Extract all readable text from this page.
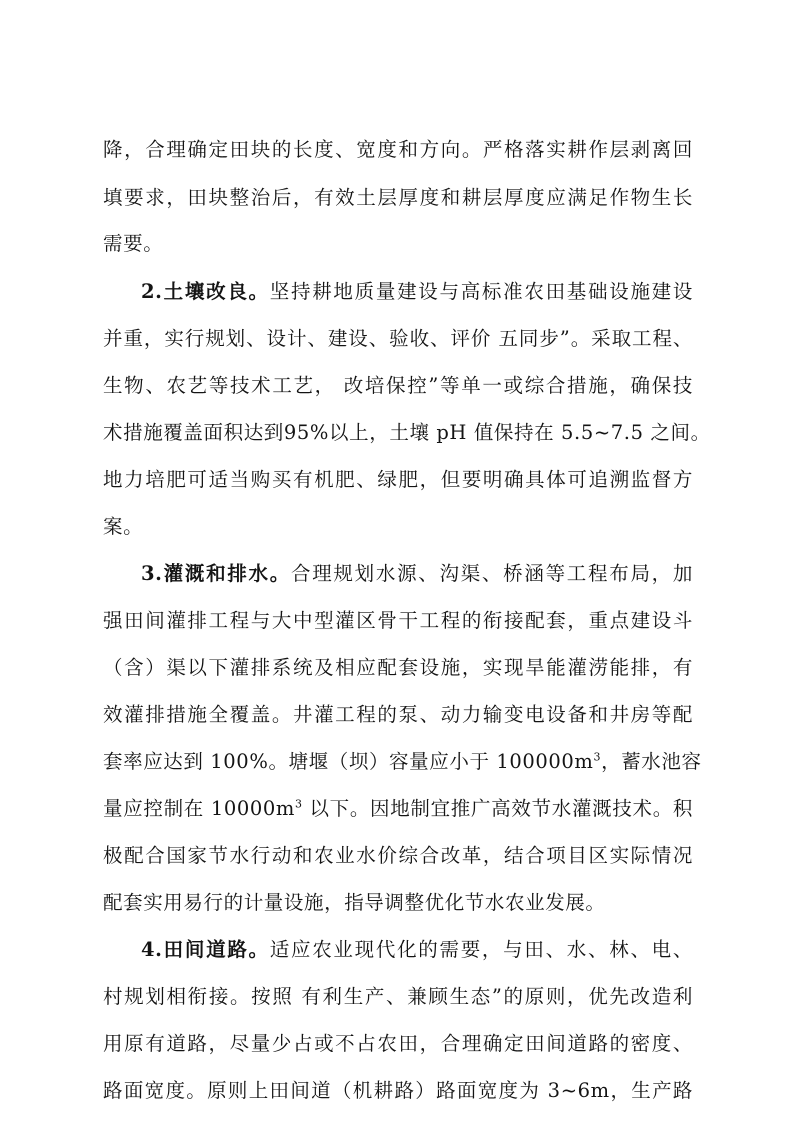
降，合理确定田块的长度、宽度和方向。严格落实耕作层剥离回
填要求，田块整治后，有效土层厚度和耕层厚度应满足作物生长
需要。
2.土壤改良。坚持耕地质量建设与高标准农田基础设施建设
并重，实行规划、设计、建设、验收、评价 五同步”。采取工程、
生物、农艺等技术工艺， 改培保控”等单一或综合措施，确保技
术措施覆盖面积达到95%以上，土壤 pH 值保持在 5.5~7.5 之间。
地力培肥可适当购买有机肥、绿肥，但要明确具体可追溯监督方
案。
3.灌溉和排水。合理规划水源、沟渠、桥涵等工程布局，加
强田间灌排工程与大中型灌区骨干工程的衔接配套，重点建设斗
（含）渠以下灌排系统及相应配套设施，实现旱能灌涝能排，有
效灌排措施全覆盖。井灌工程的泵、动力输变电设备和井房等配
套率应达到 100%。塘堰（坝）容量应小于 $100000m^3$，蓄水池容
量应控制在 $10000m^3$ 以下。因地制宜推广高效节水灌溉技术。积
极配合国家节水行动和农业水价综合改革，结合项目区实际情况
配套实用易行的计量设施，指导调整优化节水农业发展。
4.田间道路。适应农业现代化的需要，与田、水、林、电、
村规划相衔接。按照 有利生产、兼顾生态”的原则，优先改造利
用原有道路，尽量少占或不占农田，合理确定田间道路的密度、
路面宽度。原则上田间道（机耕路）路面宽度为 3~6m，生产路
